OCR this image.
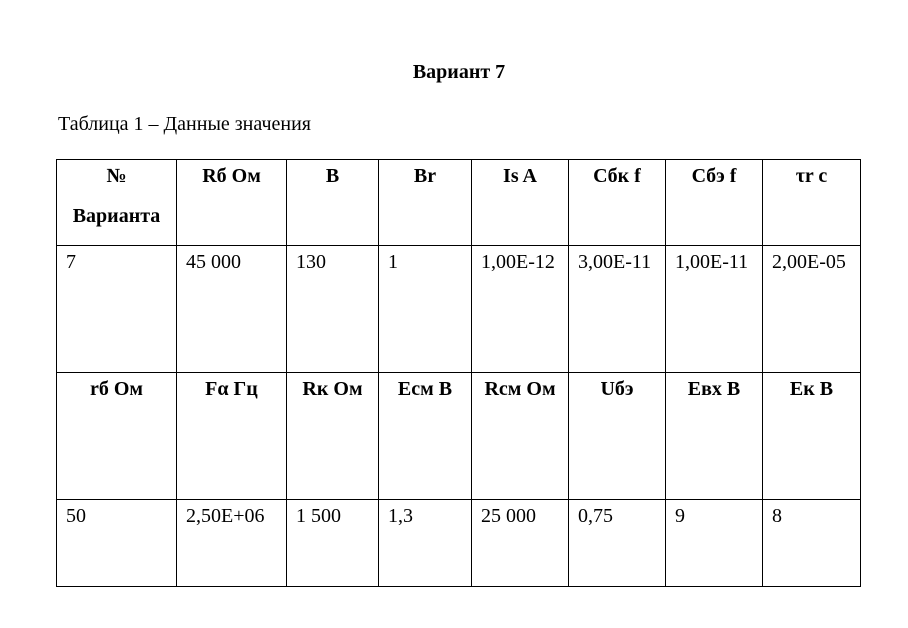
Вариант 7
Таблица 1 – Данные значения
№ Варианта	Rб Ом	B	Br	Is A	Cбк f	Cбэ f	τr c

7	45 000	130	1	1,00E-12	3,00E-11	1,00E-11	2,00E-05

rб Ом	Fα Гц	Rк Ом	Eсм B	Rсм Ом	Uбэ	Eвх B	Eк B

50	2,50E+06	1 500	1,3	25 000	0,75	9	8
